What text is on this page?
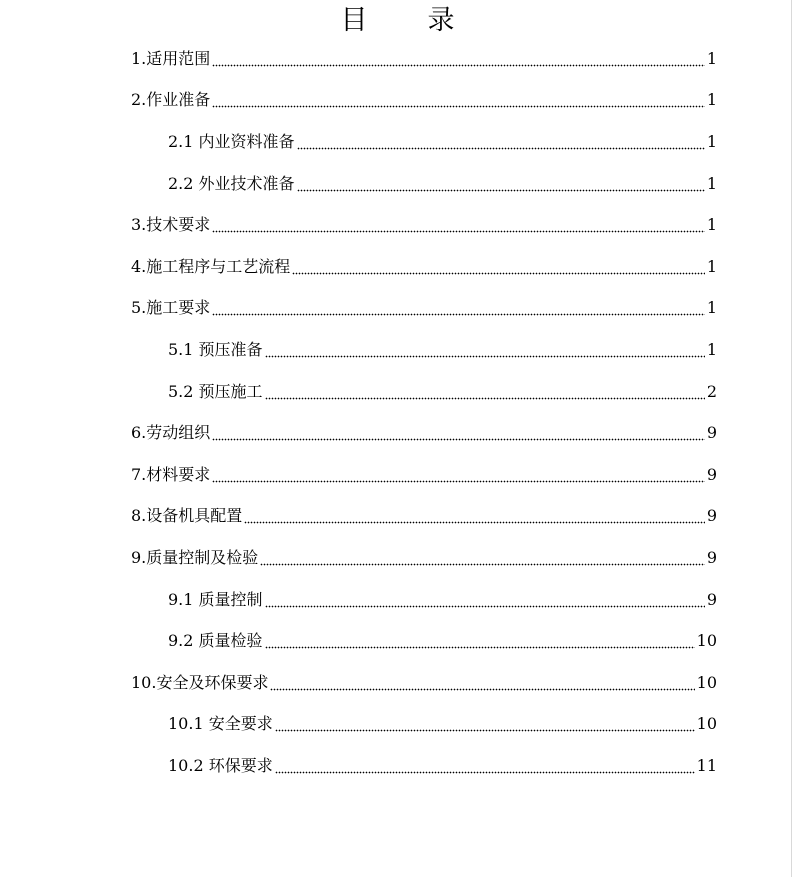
目 录
1.适用范围	1
2.作业准备	1
2.1 内业资料准备	1
2.2 外业技术准备	1
3.技术要求	1
4.施工程序与工艺流程	1
5.施工要求	1
5.1 预压准备	1
5.2 预压施工	2
6.劳动组织	9
7.材料要求	9
8.设备机具配置	9
9.质量控制及检验	9
9.1 质量控制	9
9.2 质量检验	10
10.安全及环保要求	10
10.1 安全要求	10
10.2 环保要求	11
